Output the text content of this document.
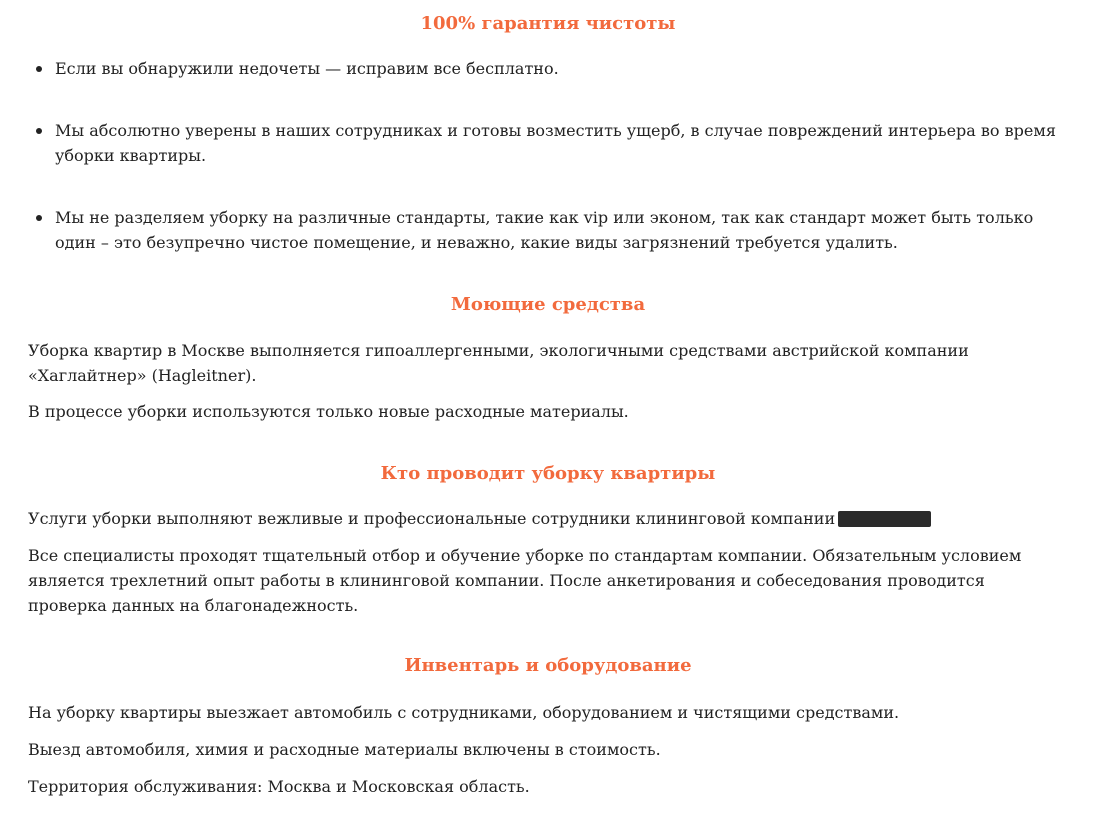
100% гарантия чистоты
Если вы обнаружили недочеты — исправим все бесплатно.
Мы абсолютно уверены в наших сотрудниках и готовы возместить ущерб, в случае повреждений интерьера во время уборки квартиры.
Мы не разделяем уборку на различные стандарты, такие как vip или эконом, так как стандарт может быть только один – это безупречно чистое помещение, и неважно, какие виды загрязнений требуется удалить.
Моющие средства

Уборка квартир в Москве выполняется гипоаллергенными, экологичными средствами австрийской компании «Хаглайтнер» (Hagleitner).

В процессе уборки используются только новые расходные материалы.

Кто проводит уборку квартиры

Услуги уборки выполняют вежливые и профессиональные сотрудники клининговой компании

Все специалисты проходят тщательный отбор и обучение уборке по стандартам компании. Обязательным условием является трехлетний опыт работы в клининговой компании. После анкетирования и собеседования проводится проверка данных на благонадежность.

Инвентарь и оборудование

На уборку квартиры выезжает автомобиль с сотрудниками, оборудованием и чистящими средствами.

Выезд автомобиля, химия и расходные материалы включены в стоимость.

Территория обслуживания: Москва и Московская область.
